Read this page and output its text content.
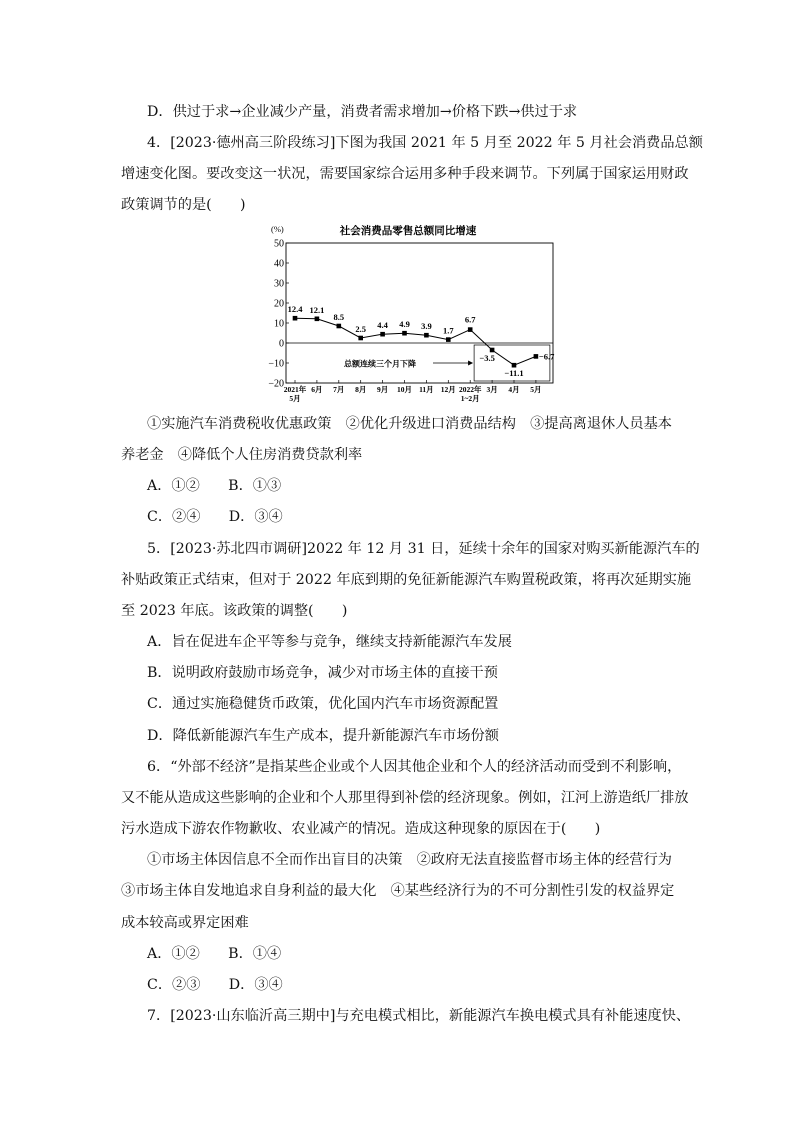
D．供过于求→企业减少产量，消费者需求增加→价格下跌→供过于求
4．[2023·德州高三阶段练习]下图为我国 2021 年 5 月至 2022 年 5 月社会消费品总额
增速变化图。要改变这一状况，需要国家综合运用多种手段来调节。下列属于国家运用财政
政策调节的是(　　)
社会消费品零售总额同比增速
(%)
50
40
30
20
10
0
−10
−20 2021年 5月
6月 7月 8月 9月 10月 11月 12月 2022年 1~2月
3月 4月 5月
总额连续三个月下降
12.4 12.1
8.5
2.5 4.4 4.9 3.9 1.7
6.7
−3.5
−11.1
−6.7
①实施汽车消费税收优惠政策　②优化升级进口消费品结构　③提高离退休人员基本
养老金　④降低个人住房消费贷款利率
A．①②　　B．①③
C．②④　　D．③④
5．[2023·苏北四市调研]2022 年 12 月 31 日，延续十余年的国家对购买新能源汽车的
补贴政策正式结束，但对于 2022 年底到期的免征新能源汽车购置税政策，将再次延期实施
至 2023 年底。该政策的调整(　　)
A．旨在促进车企平等参与竞争，继续支持新能源汽车发展
B．说明政府鼓励市场竞争，减少对市场主体的直接干预
C．通过实施稳健货币政策，优化国内汽车市场资源配置
D．降低新能源汽车生产成本，提升新能源汽车市场份额
6．“外部不经济”是指某些企业或个人因其他企业和个人的经济活动而受到不利影响，
又不能从造成这些影响的企业和个人那里得到补偿的经济现象。例如，江河上游造纸厂排放
污水造成下游农作物歉收、农业减产的情况。造成这种现象的原因在于(　　)
①市场主体因信息不全而作出盲目的决策　②政府无法直接监督市场主体的经营行为
③市场主体自发地追求自身利益的最大化　④某些经济行为的不可分割性引发的权益界定
成本较高或界定困难
A．①②　　B．①④
C．②③　　D．③④
7．[2023·山东临沂高三期中]与充电模式相比，新能源汽车换电模式具有补能速度快、
